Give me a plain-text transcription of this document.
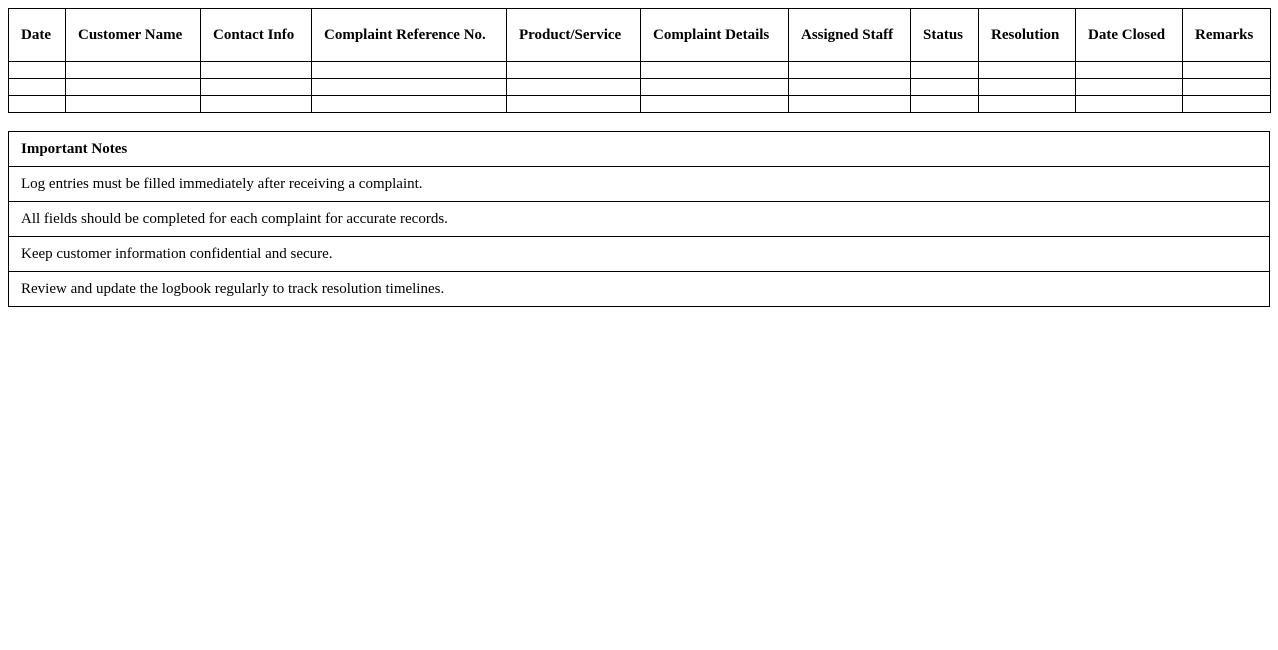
Date	Customer Name	Contact Info	Complaint Reference No.	Product/Service	Complaint Details	Assigned Staff	Status	Resolution	Date Closed	Remarks

Important Notes
Log entries must be filled immediately after receiving a complaint.
All fields should be completed for each complaint for accurate records.
Keep customer information confidential and secure.
Review and update the logbook regularly to track resolution timelines.
